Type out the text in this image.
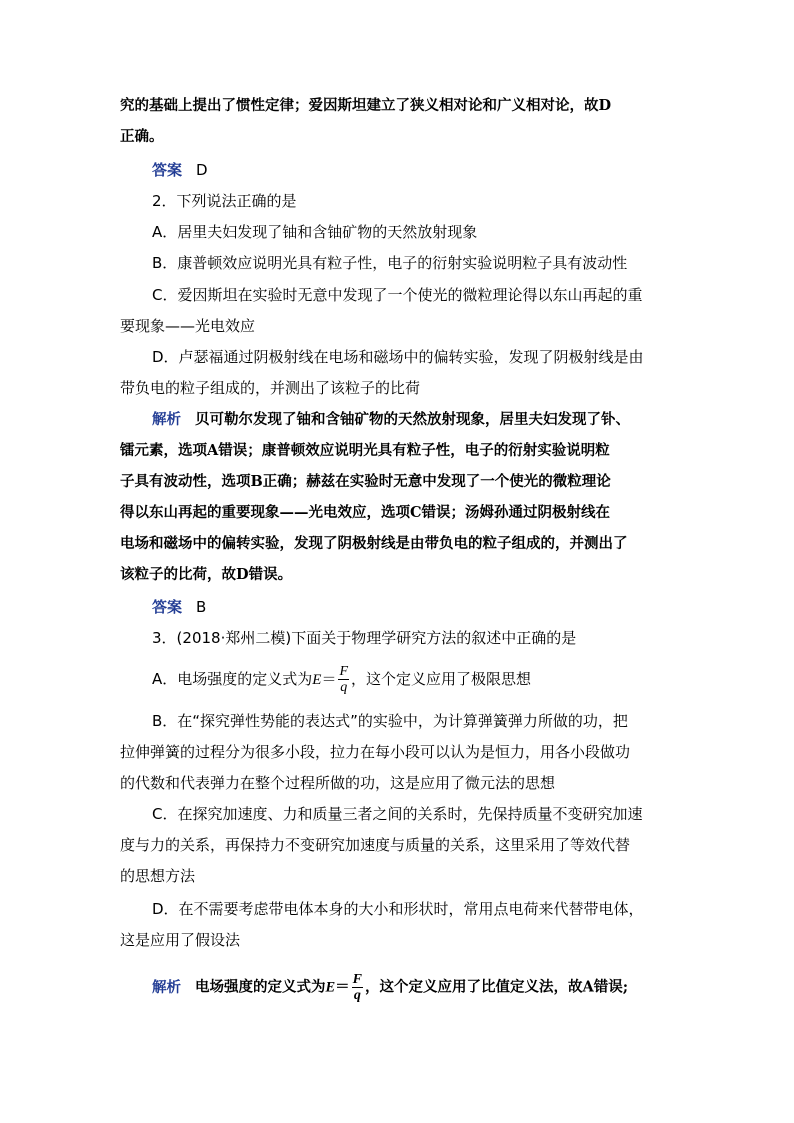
究的基础上提出了惯性定律；爱因斯坦建立了狭义相对论和广义相对论，故D
正确。
答案 D
2．下列说法正确的是
A．居里夫妇发现了铀和含铀矿物的天然放射现象
B．康普顿效应说明光具有粒子性，电子的衍射实验说明粒子具有波动性
C．爱因斯坦在实验时无意中发现了一个使光的微粒理论得以东山再起的重
要现象——光电效应
D．卢瑟福通过阴极射线在电场和磁场中的偏转实验，发现了阴极射线是由
带负电的粒子组成的，并测出了该粒子的比荷
解析 贝可勒尔发现了铀和含铀矿物的天然放射现象，居里夫妇发现了钋、
镭元素，选项A错误；康普顿效应说明光具有粒子性，电子的衍射实验说明粒
子具有波动性，选项B正确；赫兹在实验时无意中发现了一个使光的微粒理论
得以东山再起的重要现象——光电效应，选项C错误；汤姆孙通过阴极射线在
电场和磁场中的偏转实验，发现了阴极射线是由带负电的粒子组成的，并测出了
该粒子的比荷，故D错误。
答案 B
3．(2018·郑州二模)下面关于物理学研究方法的叙述中正确的是
A．电场强度的定义式为$E= \frac{F}{q}$ ，这个定义应用了极限思想
B．在“探究弹性势能的表达式”的实验中，为计算弹簧弹力所做的功，把
拉伸弹簧的过程分为很多小段，拉力在每小段可以认为是恒力，用各小段做功
的代数和代表弹力在整个过程所做的功，这是应用了微元法的思想
C．在探究加速度、力和质量三者之间的关系时，先保持质量不变研究加速
度与力的关系，再保持力不变研究加速度与质量的关系，这里采用了等效代替
的思想方法
D．在不需要考虑带电体本身的大小和形状时，常用点电荷来代替带电体，
这是应用了假设法
解析 电场强度的定义式为$E= \frac{F}{q}$ ，这个定义应用了比值定义法，故A错误;
